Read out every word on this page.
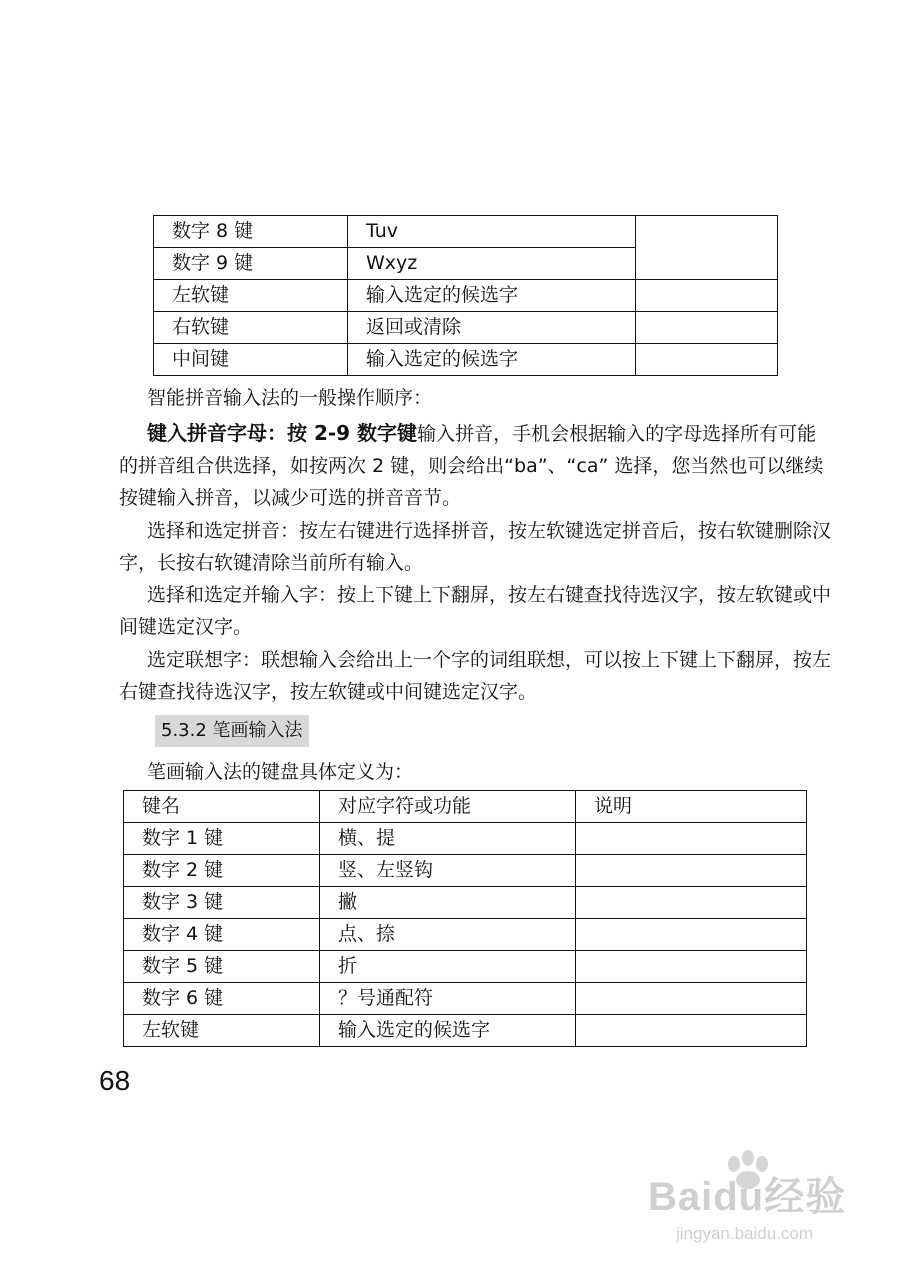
数字 8 键	Tuv	
数字 9 键	Wxyz	
左软键	输入选定的候选字	
右软键	返回或清除	
中间键	输入选定的候选字	

智能拼音输入法的一般操作顺序：

键入拼音字母：按 2-9 数字键输入拼音，手机会根据输入的字母选择所有可能的拼音组合供选择，如按两次 2 键，则会给出“ba”、“ca” 选择，您当然也可以继续按键输入拼音，以减少可选的拼音音节。

选择和选定拼音：按左右键进行选择拼音，按左软键选定拼音后，按右软键删除汉字，长按右软键清除当前所有输入。

选择和选定并输入字：按上下键上下翻屏，按左右键查找待选汉字，按左软键或中间键选定汉字。

选定联想字：联想输入会给出上一个字的词组联想，可以按上下键上下翻屏，按左右键查找待选汉字，按左软键或中间键选定汉字。

5.3.2 笔画输入法

笔画输入法的键盘具体定义为：

键名	对应字符或功能	说明
数字 1 键	横、提	
数字 2 键	竖、左竖钩	
数字 3 键	撇	
数字 4 键	点、捺	
数字 5 键	折	
数字 6 键	？号通配符	
左软键	输入选定的候选字	
68
Baidu经验
jingyan.baidu.com
